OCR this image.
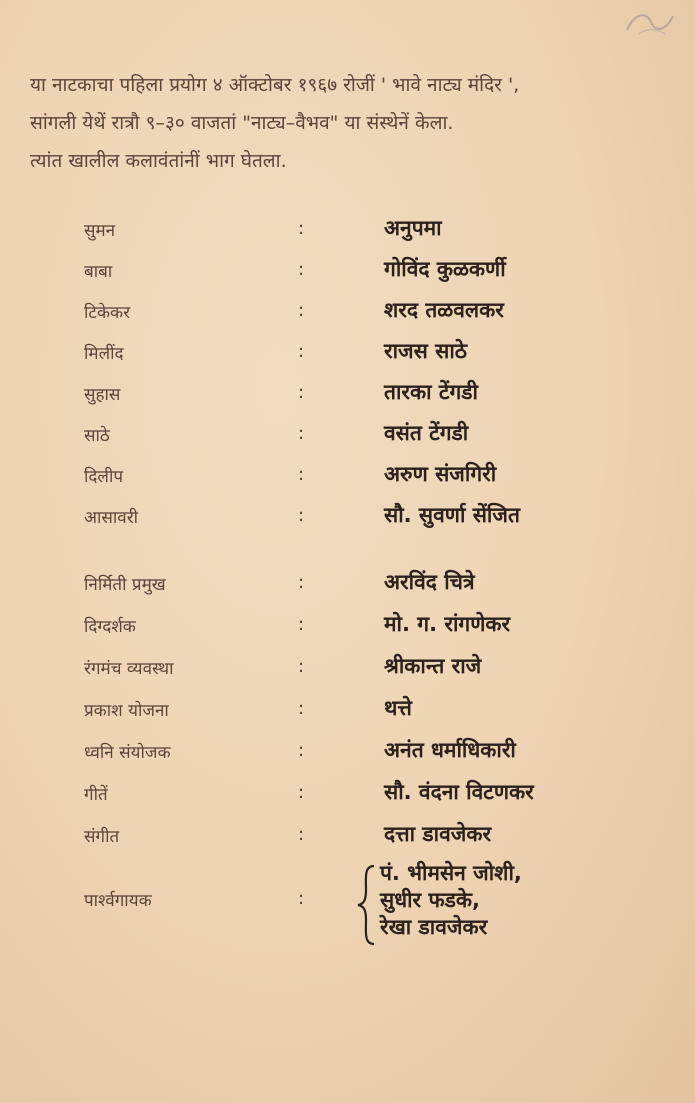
या नाटकाचा पहिला प्रयोग ४ ऑक्टोबर १९६७ रोजीं ' भावे नाट्य मंदिर ',

सांगली येथें रात्रौ ९–३० वाजतां "नाट्य–वैभव" या संस्थेनें केला.

त्यांत खालील कलावंतांनीं भाग घेतला.

सुमन	:	अनुपमा
बाबा	:	गोविंद कुळकर्णी
टिकेकर	:	शरद तळवलकर
मिलींद	:	राजस साठे
सुहास	:	तारका टेंगडी
साठे	:	वसंत टेंगडी
दिलीप	:	अरुण संजगिरी
आसावरी	:	सौ. सुवर्णा सेंजित
निर्मिती प्रमुख	:	अरविंद चित्रे
दिग्दर्शक	:	मो. ग. रांगणेकर
रंगमंच व्यवस्था	:	श्रीकान्त राजे
प्रकाश योजना	:	थत्ते
ध्वनि संयोजक	:	अनंत धर्माधिकारी
गीतें	:	सौ. वंदना विटणकर
संगीत	:	दत्ता डावजेकर
पार्श्वगायक	:
पं. भीमसेन जोशी,
सुधीर फडके,
रेखा डावजेकर
